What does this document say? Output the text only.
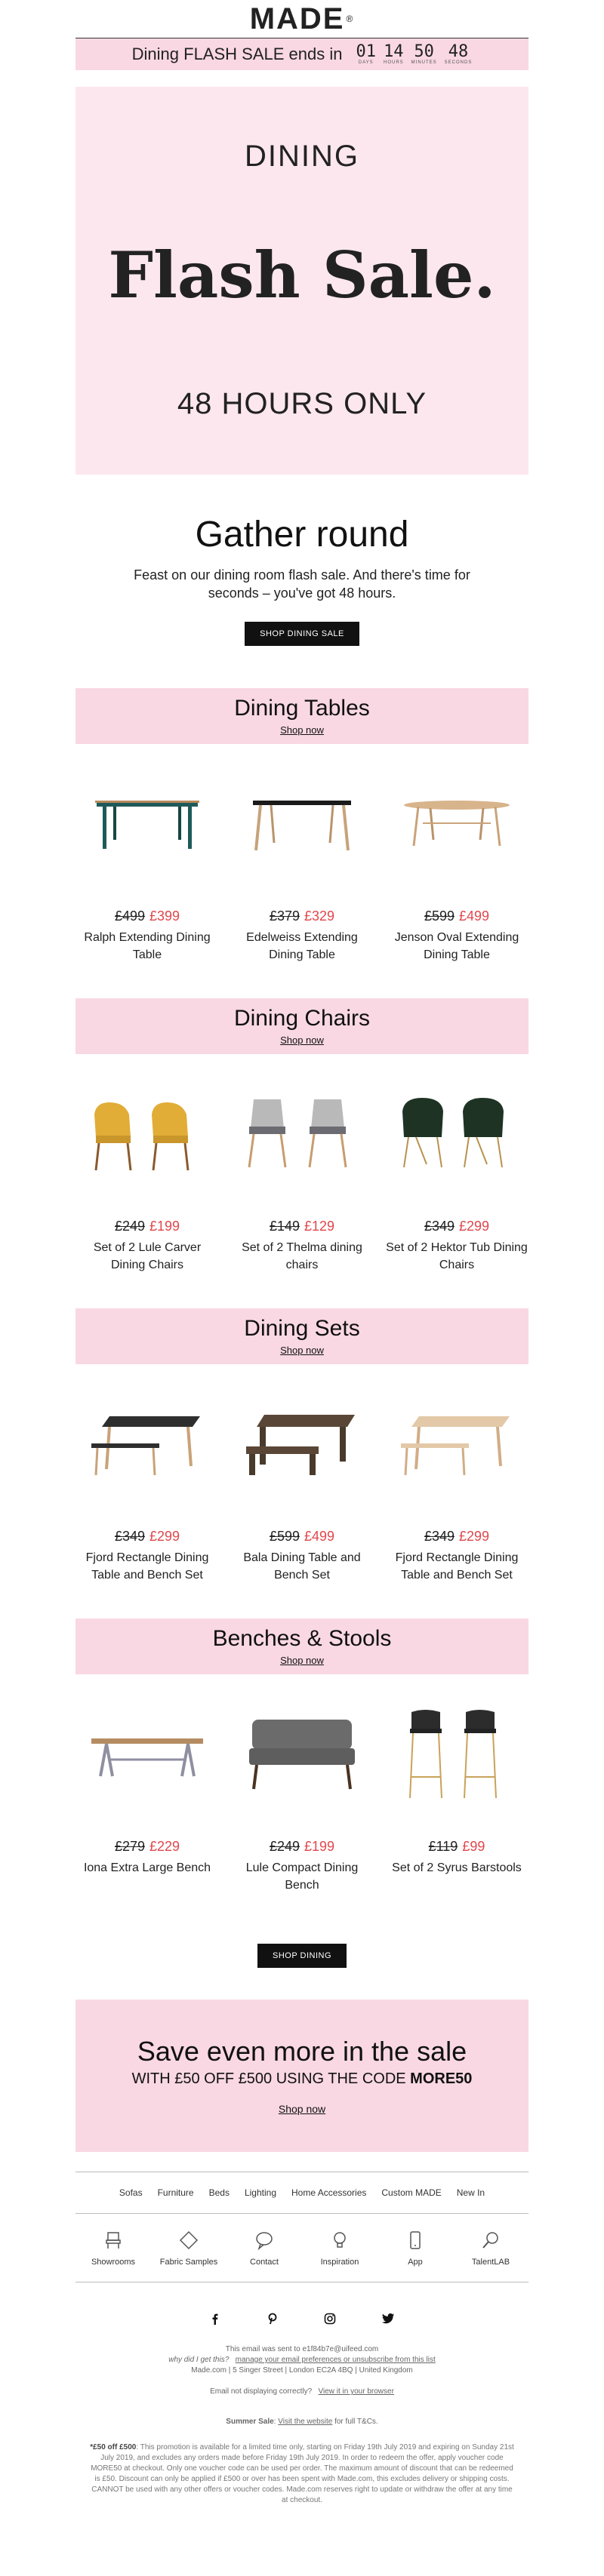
MADE ®
Dining FLASH SALE ends in 01
DAYS
14
HOURS
50
MINUTES
48
SECONDS
DINING
Flash Sale.
48 HOURS ONLY
Gather round

Feast on our dining room flash sale. And there's time for seconds – you've got 48 hours.

SHOP DINING SALE
Dining Tables
Shop now
£499 £399
Ralph Extending Dining Table
£379 £329
Edelweiss Extending Dining Table
£599 £499
Jenson Oval Extending Dining Table
Dining Chairs
Shop now
£249 £199
Set of 2 Lule Carver Dining Chairs
£149 £129
Set of 2 Thelma dining chairs
£349 £299
Set of 2 Hektor Tub Dining Chairs
Dining Sets
Shop now
£349 £299
Fjord Rectangle Dining Table and Bench Set
£599 £499
Bala Dining Table and Bench Set
£349 £299
Fjord Rectangle Dining Table and Bench Set
Benches & Stools
Shop now
£279 £229
Iona Extra Large Bench
£249 £199
Lule Compact Dining Bench
£119 £99
Set of 2 Syrus Barstools
SHOP DINING
Save even more in the sale
WITH £50 OFF £500 USING THE CODE MORE50
Shop now
Sofas Furniture Beds Lighting Home Accessories Custom MADE New In
Showrooms	Fabric Samples	Contact	Inspiration	App	TalentLAB
This email was sent to e1f84b7e@uifeed.com
why did I get this? manage your email preferences or unsubscribe from this list
Made.com | 5 Singer Street | London EC2A 4BQ | United Kingdom
Email not displaying correctly? View it in your browser
Summer Sale: Visit the website for full T&Cs.
*£50 off £500: This promotion is available for a limited time only, starting on Friday 19th July 2019 and expiring on Sunday 21st July 2019, and excludes any orders made before Friday 19th July 2019. In order to redeem the offer, apply voucher code MORE50 at checkout. Only one voucher code can be used per order. The maximum amount of discount that can be redeemed is £50. Discount can only be applied if £500 or over has been spent with Made.com, this excludes delivery or shipping costs. CANNOT be used with any other offers or voucher codes. Made.com reserves right to update or withdraw the offer at any time at checkout.
